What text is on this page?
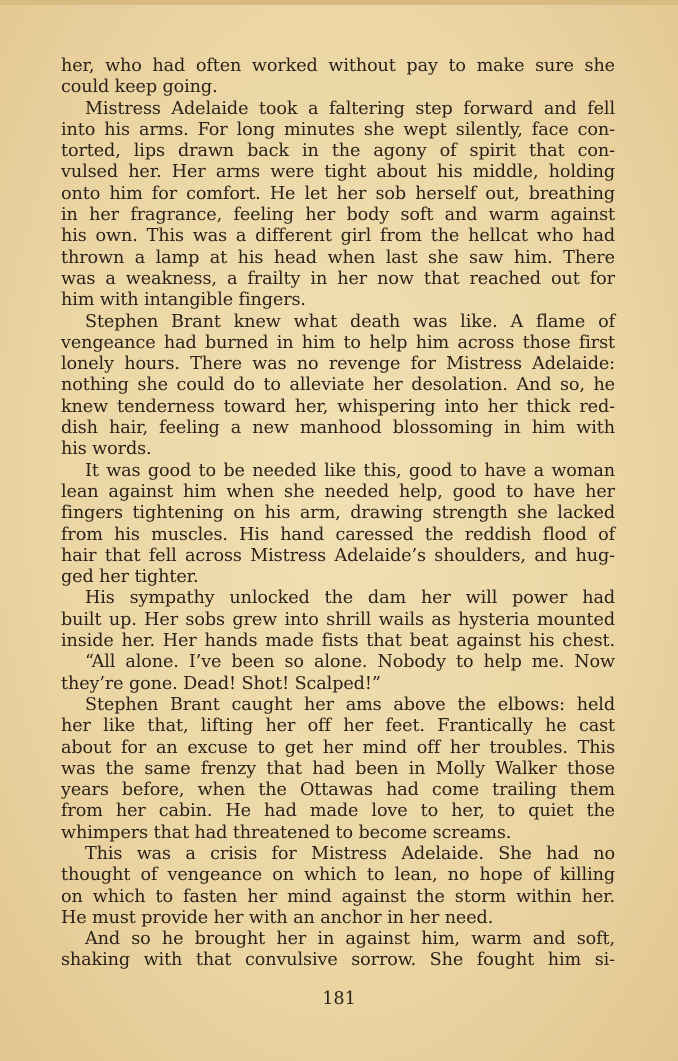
her, who had often worked without pay to make sure she
could keep going.
Mistress Adelaide took a faltering step forward and fell
into his arms. For long minutes she wept silently, face con-
torted, lips drawn back in the agony of spirit that con-
vulsed her. Her arms were tight about his middle, holding
onto him for comfort. He let her sob herself out, breathing
in her fragrance, feeling her body soft and warm against
his own. This was a different girl from the hellcat who had
thrown a lamp at his head when last she saw him. There
was a weakness, a frailty in her now that reached out for
him with intangible fingers.
Stephen Brant knew what death was like. A flame of
vengeance had burned in him to help him across those first
lonely hours. There was no revenge for Mistress Adelaide:
nothing she could do to alleviate her desolation. And so, he
knew tenderness toward her, whispering into her thick red-
dish hair, feeling a new manhood blossoming in him with
his words.
It was good to be needed like this, good to have a woman
lean against him when she needed help, good to have her
fingers tightening on his arm, drawing strength she lacked
from his muscles. His hand caressed the reddish flood of
hair that fell across Mistress Adelaide’s shoulders, and hug-
ged her tighter.
His sympathy unlocked the dam her will power had
built up. Her sobs grew into shrill wails as hysteria mounted
inside her. Her hands made fists that beat against his chest.
“All alone. I’ve been so alone. Nobody to help me. Now
they’re gone. Dead! Shot! Scalped!”
Stephen Brant caught her ams above the elbows: held
her like that, lifting her off her feet. Frantically he cast
about for an excuse to get her mind off her troubles. This
was the same frenzy that had been in Molly Walker those
years before, when the Ottawas had come trailing them
from her cabin. He had made love to her, to quiet the
whimpers that had threatened to become screams.
This was a crisis for Mistress Adelaide. She had no
thought of vengeance on which to lean, no hope of killing
on which to fasten her mind against the storm within her.
He must provide her with an anchor in her need.
And so he brought her in against him, warm and soft,
shaking with that convulsive sorrow. She fought him si-
181
